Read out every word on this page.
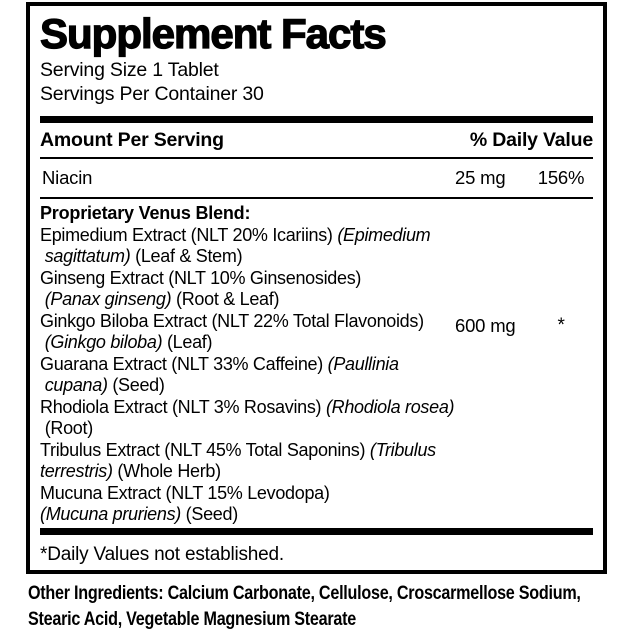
Supplement Facts
Serving Size 1 Tablet
Servings Per Container 30
Amount Per Serving	% Daily Value
Niacin	25 mg	156%
Proprietary Venus Blend:
Epimedium Extract (NLT 20% Icariins) (Epimedium
sagittatum) (Leaf & Stem)
Ginseng Extract (NLT 10% Ginsenosides)
(Panax ginseng) (Root & Leaf)
Ginkgo Biloba Extract (NLT 22% Total Flavonoids)
(Ginkgo biloba) (Leaf)
Guarana Extract (NLT 33% Caffeine) (Paullinia
cupana) (Seed)
Rhodiola Extract (NLT 3% Rosavins) (Rhodiola rosea)
(Root)
Tribulus Extract (NLT 45% Total Saponins) (Tribulus
terrestris) (Whole Herb)
Mucuna Extract (NLT 15% Levodopa)
(Mucuna pruriens) (Seed)
600 mg	*
*Daily Values not established.
Other Ingredients: Calcium Carbonate, Cellulose, Croscarmellose Sodium,
Stearic Acid, Vegetable Magnesium Stearate
